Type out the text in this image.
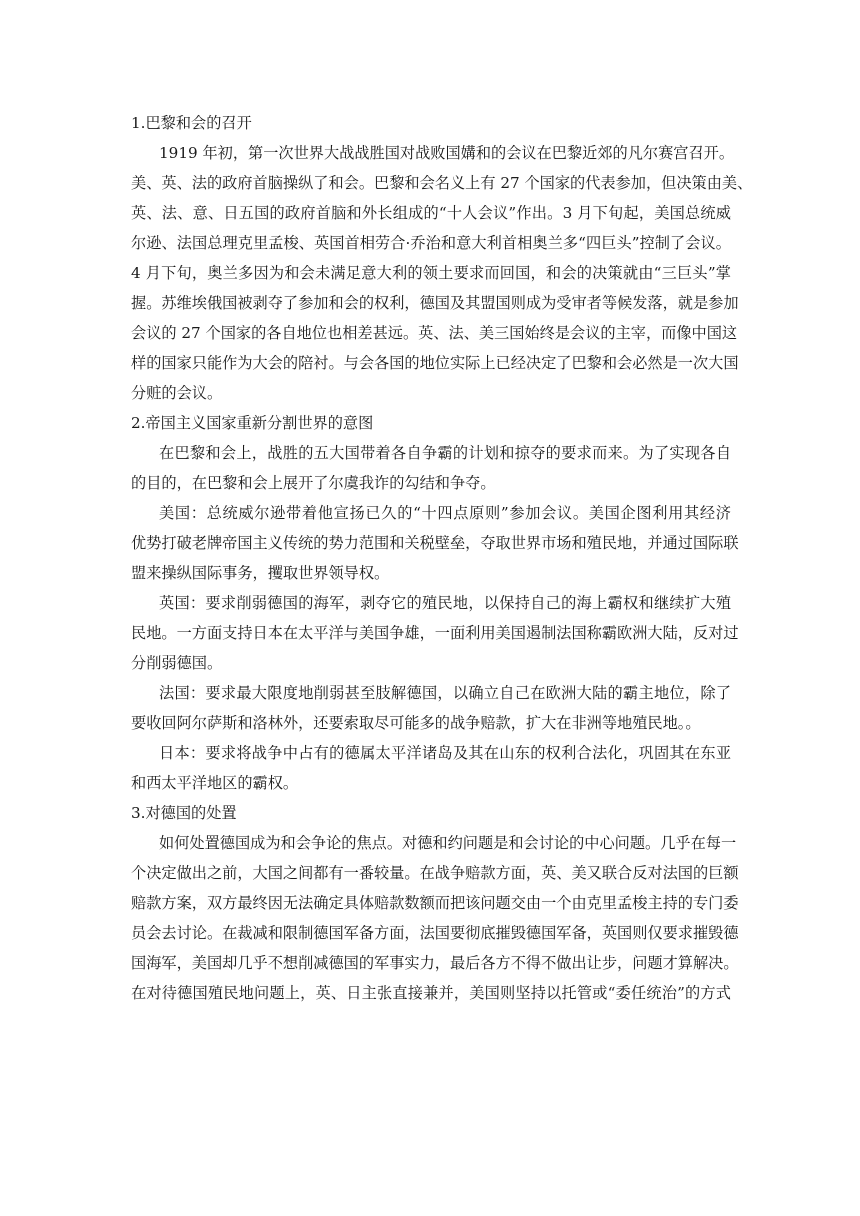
1.巴黎和会的召开

1919 年初，第一次世界大战战胜国对战败国媾和的会议在巴黎近郊的凡尔赛宫召开。

美、英、法的政府首脑操纵了和会。巴黎和会名义上有 27 个国家的代表参加，但决策由美、

英、法、意、日五国的政府首脑和外长组成的“十人会议”作出。3 月下旬起，美国总统威

尔逊、法国总理克里孟梭、英国首相劳合·乔治和意大利首相奥兰多“四巨头”控制了会议。

4 月下旬，奥兰多因为和会未满足意大利的领土要求而回国，和会的决策就由“三巨头”掌

握。苏维埃俄国被剥夺了参加和会的权利，德国及其盟国则成为受审者等候发落，就是参加

会议的 27 个国家的各自地位也相差甚远。英、法、美三国始终是会议的主宰，而像中国这

样的国家只能作为大会的陪衬。与会各国的地位实际上已经决定了巴黎和会必然是一次大国

分赃的会议。

2.帝国主义国家重新分割世界的意图

在巴黎和会上，战胜的五大国带着各自争霸的计划和掠夺的要求而来。为了实现各自

的目的，在巴黎和会上展开了尔虞我诈的勾结和争夺。

美国：总统威尔逊带着他宣扬已久的“十四点原则”参加会议。美国企图利用其经济

优势打破老牌帝国主义传统的势力范围和关税壁垒，夺取世界市场和殖民地，并通过国际联

盟来操纵国际事务，攫取世界领导权。

英国：要求削弱德国的海军，剥夺它的殖民地，以保持自己的海上霸权和继续扩大殖

民地。一方面支持日本在太平洋与美国争雄，一面利用美国遏制法国称霸欧洲大陆，反对过

分削弱德国。

法国：要求最大限度地削弱甚至肢解德国，以确立自己在欧洲大陆的霸主地位，除了

要收回阿尔萨斯和洛林外，还要索取尽可能多的战争赔款，扩大在非洲等地殖民地。。

日本：要求将战争中占有的德属太平洋诸岛及其在山东的权利合法化，巩固其在东亚

和西太平洋地区的霸权。

3.对德国的处置

如何处置德国成为和会争论的焦点。对德和约问题是和会讨论的中心问题。几乎在每一

个决定做出之前，大国之间都有一番较量。在战争赔款方面，英、美又联合反对法国的巨额

赔款方案，双方最终因无法确定具体赔款数额而把该问题交由一个由克里孟梭主持的专门委

员会去讨论。在裁减和限制德国军备方面，法国要彻底摧毁德国军备，英国则仅要求摧毁德

国海军，美国却几乎不想削减德国的军事实力，最后各方不得不做出让步，问题才算解决。

在对待德国殖民地问题上，英、日主张直接兼并，美国则坚持以托管或“委任统治”的方式
